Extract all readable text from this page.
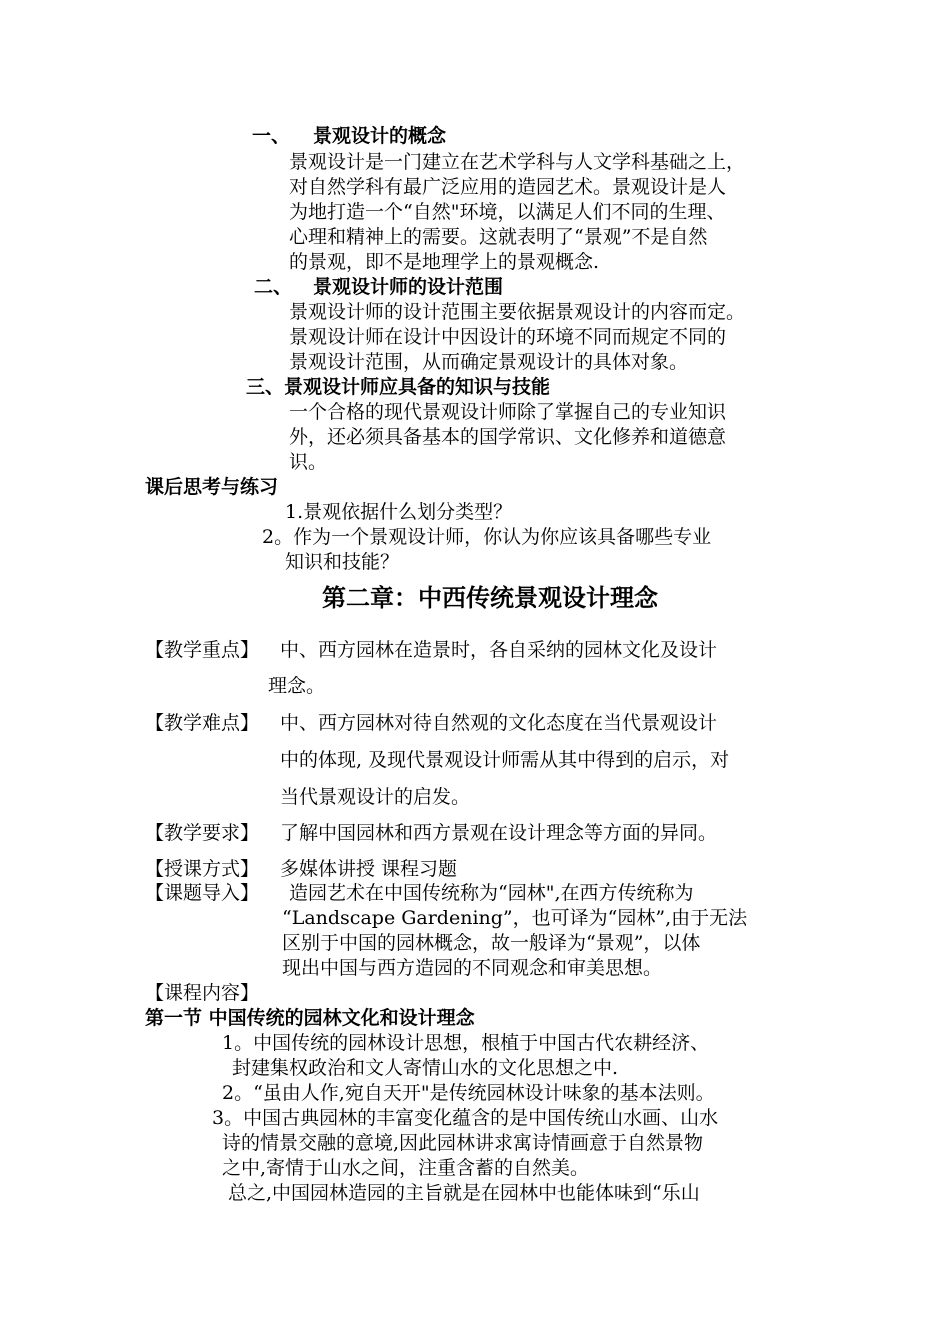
一、 景观设计的概念
景观设计是一门建立在艺术学科与人文学科基础之上，
对自然学科有最广泛应用的造园艺术。景观设计是人
为地打造一个“自然"环境，以满足人们不同的生理、
心理和精神上的需要。这就表明了“景观”不是自然
的景观，即不是地理学上的景观概念.
二、 景观设计师的设计范围
景观设计师的设计范围主要依据景观设计的内容而定。
景观设计师在设计中因设计的环境不同而规定不同的
景观设计范围，从而确定景观设计的具体对象。
三、景观设计师应具备的知识与技能
一个合格的现代景观设计师除了掌握自己的专业知识
外，还必须具备基本的国学常识、文化修养和道德意
识。
课后思考与练习
1.景观依据什么划分类型？
2。作为一个景观设计师，你认为你应该具备哪些专业
知识和技能？
第二章：中西传统景观设计理念
【教学重点】 中、西方园林在造景时，各自采纳的园林文化及设计
理念。
【教学难点】 中、西方园林对待自然观的文化态度在当代景观设计
中的体现, 及现代景观设计师需从其中得到的启示，对
当代景观设计的启发。
【教学要求】 了解中国园林和西方景观在设计理念等方面的异同。
【授课方式】 多媒体讲授 课程习题
【课题导入】 造园艺术在中国传统称为“园林",在西方传统称为
“Landscape Gardening”，也可译为“园林”,由于无法
区别于中国的园林概念，故一般译为“景观”，以体
现出中国与西方造园的不同观念和审美思想。
【课程内容】
第一节 中国传统的园林文化和设计理念
1。中国传统的园林设计思想，根植于中国古代农耕经济、
封建集权政治和文人寄情山水的文化思想之中.
2。“虽由人作,宛自天开"是传统园林设计味象的基本法则。
3。中国古典园林的丰富变化蕴含的是中国传统山水画、山水
诗的情景交融的意境,因此园林讲求寓诗情画意于自然景物
之中,寄情于山水之间，注重含蓄的自然美。
总之,中国园林造园的主旨就是在园林中也能体味到“乐山
